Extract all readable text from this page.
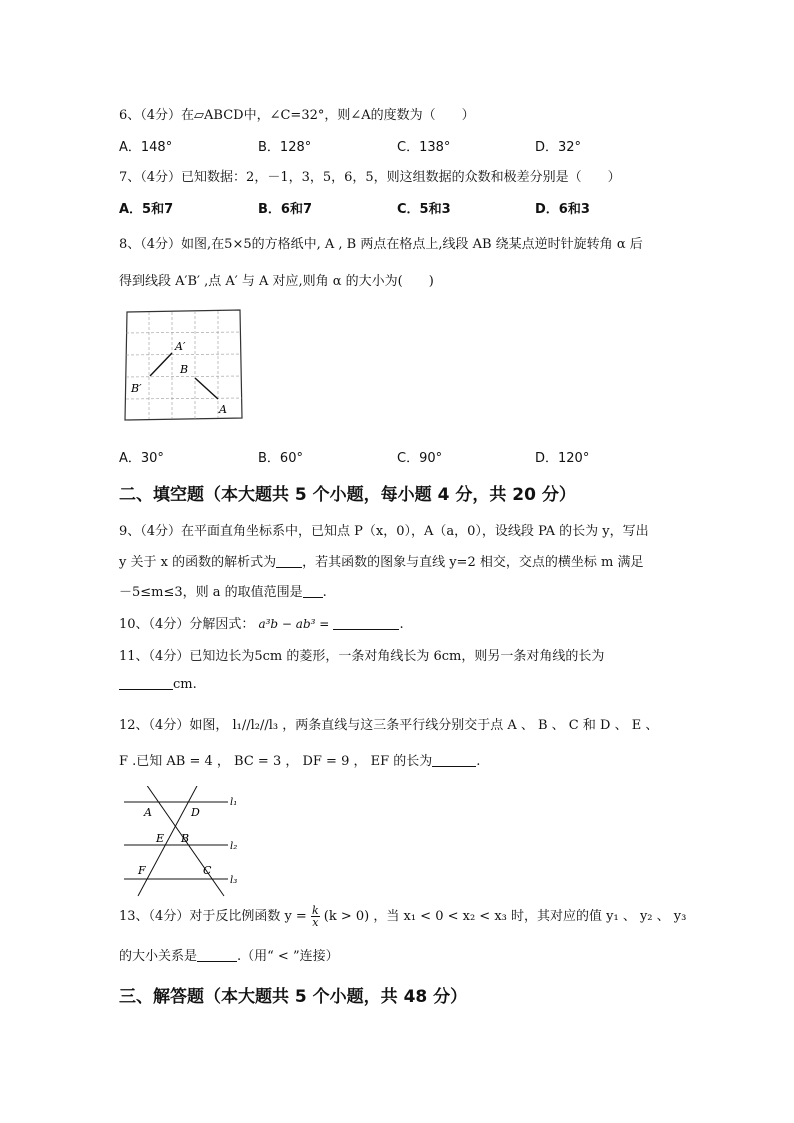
6、（4分）在▱ABCD中，∠C=32°，则∠A的度数为（　　）
A．148°	B．128°	C．138°	D．32°
7、（4分）已知数据：2，－1，3，5，6，5，则这组数据的众数和极差分别是（　　）
A．5和7	B．6和7	C．5和3	D．6和3
8、（4分）如图,在5×5的方格纸中, A , B 两点在格点上,线段 AB 绕某点逆时针旋转角 α 后
得到线段 A′B′ ,点 A′ 与 A 对应,则角 α 的大小为(　　)
A′
B
B′
A
A．30°	B．60°	C．90°	D．120°
二、填空题（本大题共 5 个小题，每小题 4 分，共 20 分）
9、（4分）在平面直角坐标系中，已知点 P（x，0），A（a，0），设线段 PA 的长为 y，写出
y 关于 x 的函数的解析式为 ，若其函数的图象与直线 y=2 相交，交点的横坐标 m 满足
－5≤m≤3，则 a 的取值范围是 .
10、（4分）分解因式： a³b − ab³ =	.
11、（4分）已知边长为5cm 的菱形，一条对角线长为 6cm，则另一条对角线的长为
cm.
12、（4分）如图， l₁//l₂//l₃ ，两条直线与这三条平行线分别交于点 A 、 B 、 C 和 D 、 E 、
F .已知 AB = 4 ， BC = 3 ， DF = 9 ， EF 的长为	.
A	D
l₁
E B
l₂
F	C
l₃
13、（4分）对于反比例函数 $y = \frac{k}{x} (k > 0)$ ，当 x₁ < 0 < x₂ < x₃ 时，其对应的值 y₁ 、 y₂ 、 y₃
的大小关系是	.（用“ < ”连接）
三、解答题（本大题共 5 个小题，共 48 分）
